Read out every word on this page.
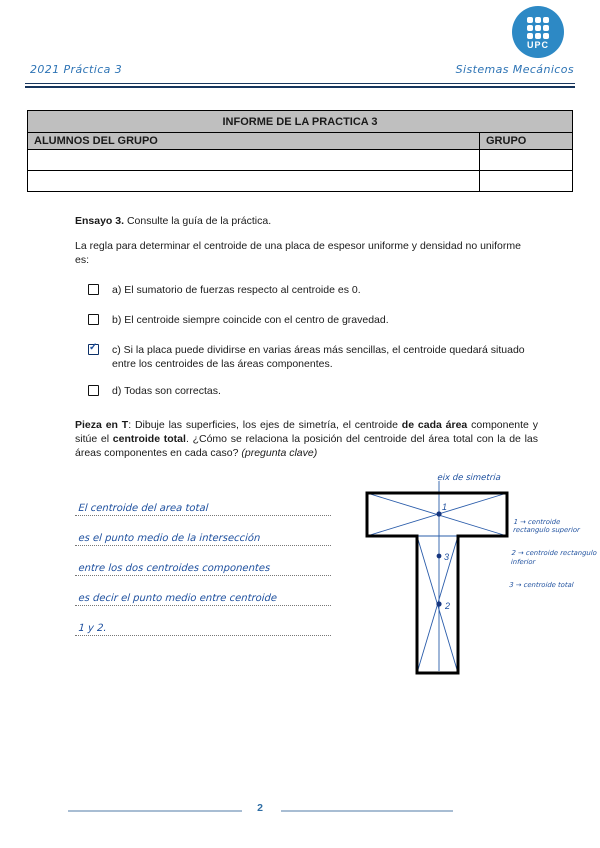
2021 Práctica 3	Sistemas Mecánicos
UPC
INFORME DE LA PRACTICA 3	
ALUMNOS DEL GRUPO	GRUPO

Ensayo 3. Consulte la guía de la práctica.
La regla para determinar el centroide de una placa de espesor uniforme y densidad no uniforme es:
a) El sumatorio de fuerzas respecto al centroide es 0.
b) El centroide siempre coincide con el centro de gravedad.
✓
c) Si la placa puede dividirse en varias áreas más sencillas, el centroide quedará situado entre los centroides de las áreas componentes.
d) Todas son correctas.
Pieza en T: Dibuje las superficies, los ejes de simetría, el centroide de cada área componente y sitúe el centroide total. ¿Cómo se relaciona la posición del centroide del área total con la de las áreas componentes en cada caso? (pregunta clave)
El centroide del area total
es el punto medio de la intersección
entre los dos centroides componentes
es decir el punto medio entre centroide
1 y 2.
eix de simetria
1
3
2

1 → centroide
rectangulo superior

2 → centroide rectangulo
inferior

3 → centroide total

2
